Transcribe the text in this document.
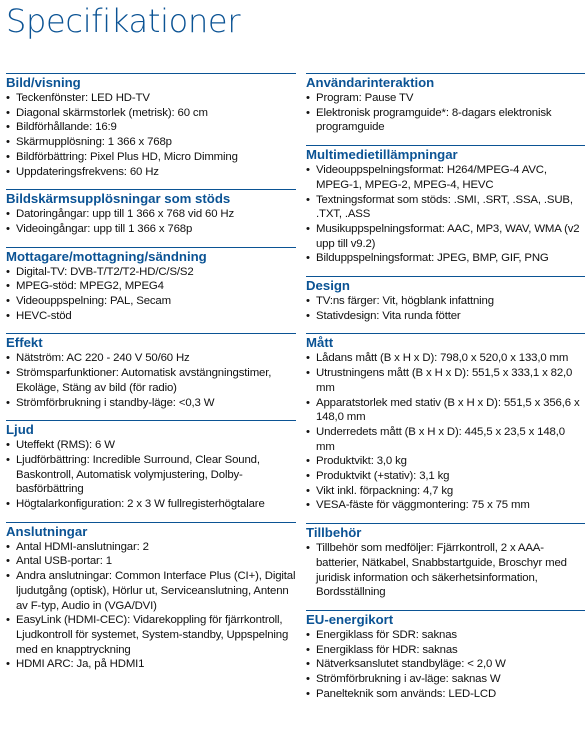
Specifikationer
Bild/visning
• Teckenfönster: LED HD-TV
• Diagonal skärmstorlek (metrisk): 60 cm
• Bildförhållande: 16:9
• Skärmupplösning: 1 366 x 768p
• Bildförbättring: Pixel Plus HD, Micro Dimming
• Uppdateringsfrekvens: 60 Hz
Bildskärmsupplösningar som stöds
• Datoringångar: upp till 1 366 x 768 vid 60 Hz
• Videoingångar: upp till 1 366 x 768p
Mottagare/mottagning/sändning
• Digital-TV: DVB-T/T2/T2-HD/C/S/S2
• MPEG-stöd: MPEG2, MPEG4
• Videouppspelning: PAL, Secam
• HEVC-stöd
Effekt
• Nätström: AC 220 - 240 V 50/60 Hz
• Strömsparfunktioner: Automatisk avstängningstimer, Ekoläge, Stäng av bild (för radio)
• Strömförbrukning i standby-läge: <0,3 W
Ljud
• Uteffekt (RMS): 6 W
• Ljudförbättring: Incredible Surround, Clear Sound, Baskontroll, Automatisk volymjustering, Dolby-basförbättring
• Högtalarkonfiguration: 2 x 3 W fullregisterhögtalare
Anslutningar
• Antal HDMI-anslutningar: 2
• Antal USB-portar: 1
• Andra anslutningar: Common Interface Plus (CI+), Digital ljudutgång (optisk), Hörlur ut, Serviceanslutning, Antenn av F-typ, Audio in (VGA/DVI)
• EasyLink (HDMI-CEC): Vidarekoppling för fjärrkontroll, Ljudkontroll för systemet, System-standby, Uppspelning med en knapptryckning
• HDMI ARC: Ja, på HDMI1
Användarinteraktion
• Program: Pause TV
• Elektronisk programguide*: 8-dagars elektronisk programguide
Multimedietillämpningar
• Videouppspelningsformat: H264/MPEG-4 AVC, MPEG-1, MPEG-2, MPEG-4, HEVC
• Textningsformat som stöds: .SMI, .SRT, .SSA, .SUB, .TXT, .ASS
• Musikuppspelningsformat: AAC, MP3, WAV, WMA (v2 upp till v9.2)
• Bilduppspelningsformat: JPEG, BMP, GIF, PNG
Design
• TV:ns färger: Vit, högblank infattning
• Stativdesign: Vita runda fötter
Mått
• Lådans mått (B x H x D): 798,0 x 520,0 x 133,0 mm
• Utrustningens mått (B x H x D): 551,5 x 333,1 x 82,0 mm
• Apparatstorlek med stativ (B x H x D): 551,5 x 356,6 x 148,0 mm
• Underredets mått (B x H x D): 445,5 x 23,5 x 148,0 mm
• Produktvikt: 3,0 kg
• Produktvikt (+stativ): 3,1 kg
• Vikt inkl. förpackning: 4,7 kg
• VESA-fäste för väggmontering: 75 x 75 mm
Tillbehör
• Tillbehör som medföljer: Fjärrkontroll, 2 x AAA-batterier, Nätkabel, Snabbstartguide, Broschyr med juridisk information och säkerhetsinformation, Bordsställning
EU-energikort
• Energiklass för SDR: saknas
• Energiklass för HDR: saknas
• Nätverksanslutet standbyläge: < 2,0 W
• Strömförbrukning i av-läge: saknas W
• Panelteknik som används: LED-LCD
